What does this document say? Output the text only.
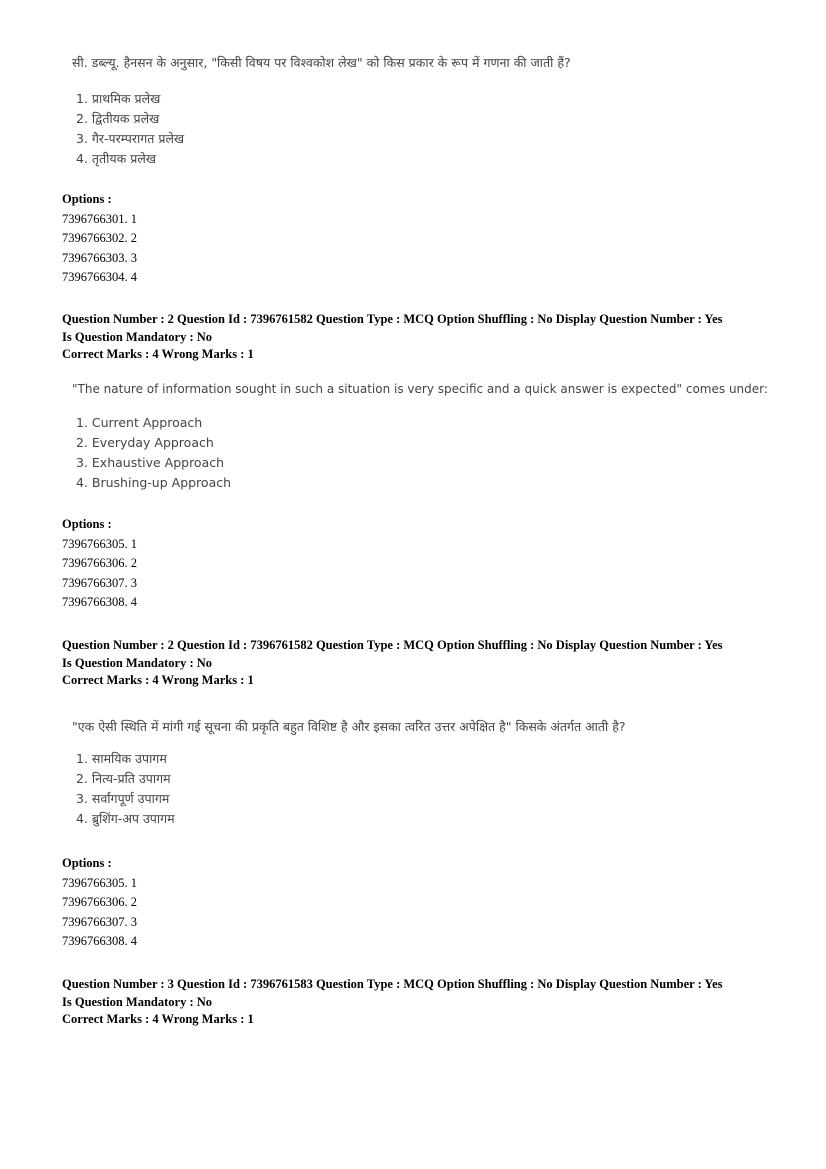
सी. डब्ल्यू. हैनसन के अनुसार, "किसी विषय पर विश्वकोश लेख" को किस प्रकार के रूप में गणना की जाती हैं?
1. प्राथमिक प्रलेख
2. द्वितीयक प्रलेख
3. गैर-परम्परागत प्रलेख
4. तृतीयक प्रलेख
Options :
7396766301. 1
7396766302. 2
7396766303. 3
7396766304. 4
Question Number : 2 Question Id : 7396761582 Question Type : MCQ Option Shuffling : No Display Question Number : Yes
Is Question Mandatory : No
Correct Marks : 4 Wrong Marks : 1
"The nature of information sought in such a situation is very specific and a quick answer is expected" comes under:
1. Current Approach
2. Everyday Approach
3. Exhaustive Approach
4. Brushing-up Approach
Options :
7396766305. 1
7396766306. 2
7396766307. 3
7396766308. 4
Question Number : 2 Question Id : 7396761582 Question Type : MCQ Option Shuffling : No Display Question Number : Yes
Is Question Mandatory : No
Correct Marks : 4 Wrong Marks : 1
"एक ऐसी स्थिति में मांगी गई सूचना की प्रकृति बहुत विशिष्ट है और इसका त्वरित उत्तर अपेक्षित है" किसके अंतर्गत आती है?
1. सामयिक उपागम
2. नित्य-प्रति उपागम
3. सर्वांगपूर्ण उपागम
4. ब्रुशिंग-अप उपागम
Options :
7396766305. 1
7396766306. 2
7396766307. 3
7396766308. 4
Question Number : 3 Question Id : 7396761583 Question Type : MCQ Option Shuffling : No Display Question Number : Yes
Is Question Mandatory : No
Correct Marks : 4 Wrong Marks : 1
